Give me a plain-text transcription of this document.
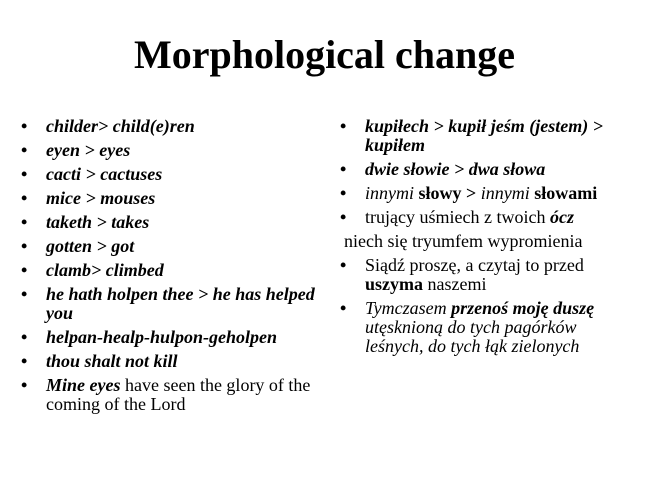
Morphological change
• childer> child(e)ren
• eyen > eyes
• cacti > cactuses
• mice > mouses
• taketh > takes
• gotten > got
• clamb> climbed
• he hath holpen thee > he has helped you
• helpan-healp-hulpon-geholpen
• thou shalt not kill
• Mine eyes have seen the glory of the coming of the Lord
• kupiłech > kupił jeśm (jestem) > kupiłem
• dwie słowie > dwa słowa
• innymi słowy > innymi słowami
• trujący uśmiech z twoich ócz
niech się tryumfem wypromienia
• Siądź proszę, a czytaj to przed uszyma naszemi
• Tymczasem przenoś moję duszę utęsknioną do tych pagórków leśnych, do tych łąk zielonych
